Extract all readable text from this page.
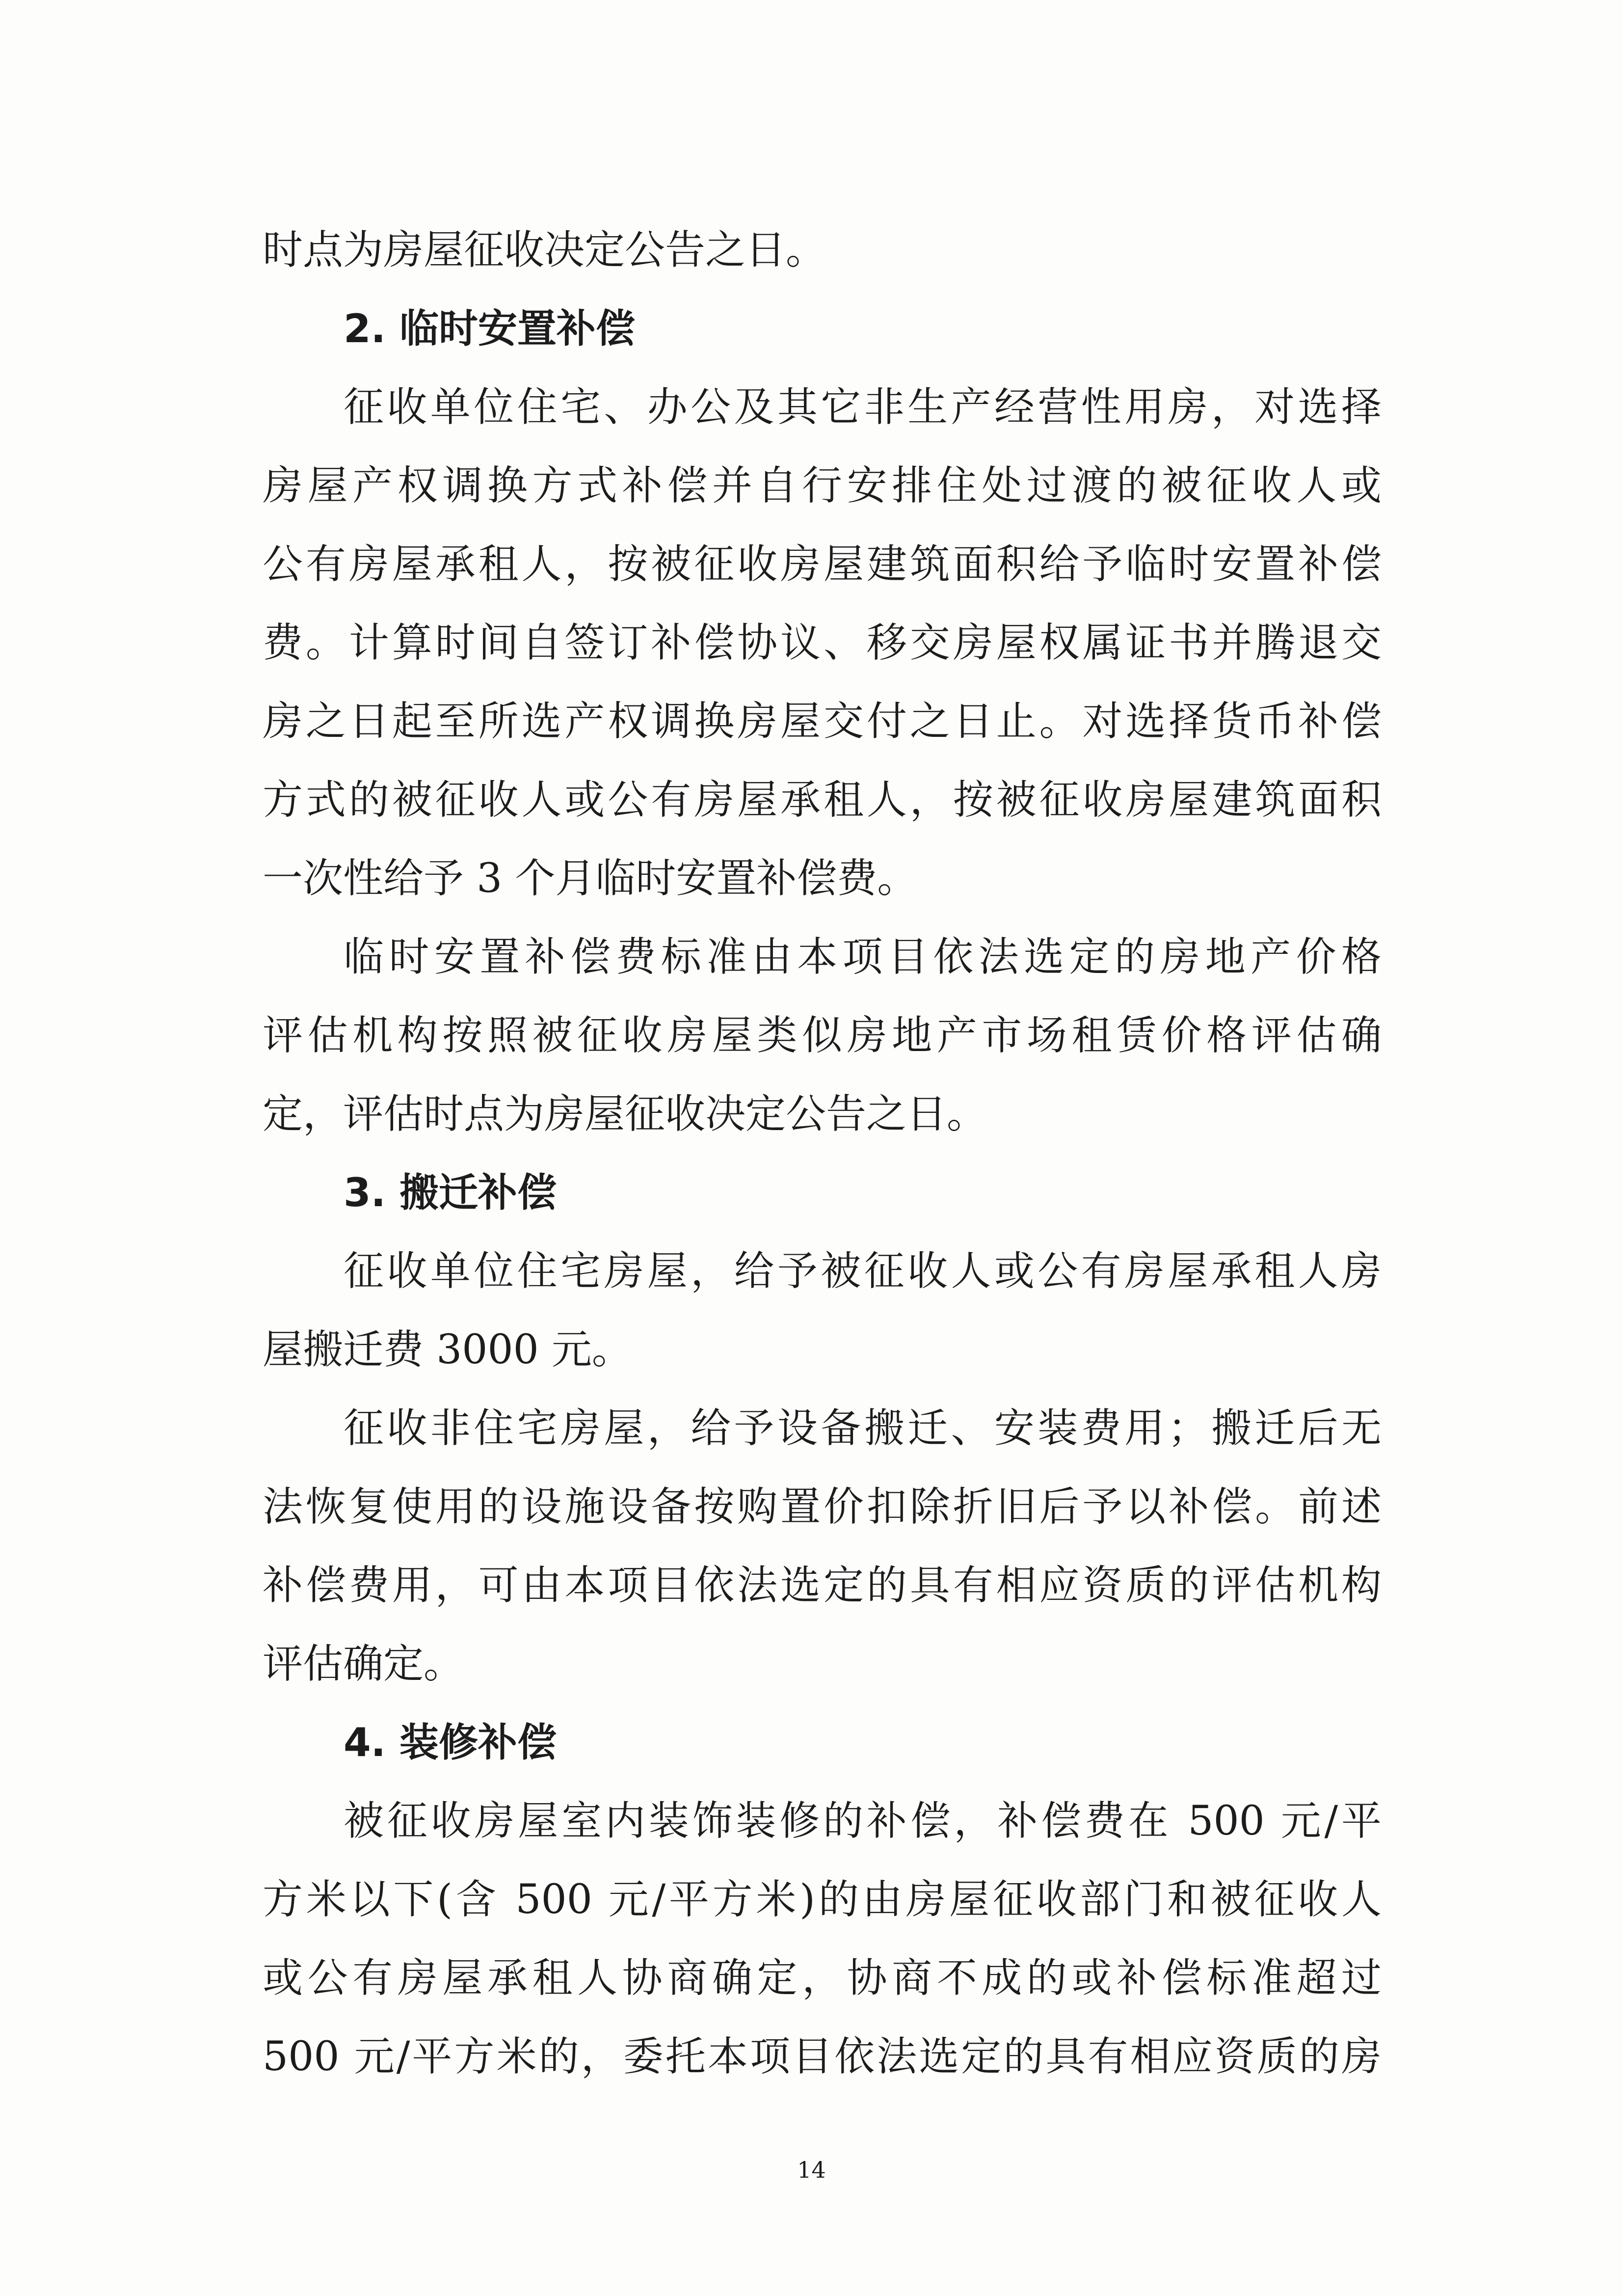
时点为房屋征收决定公告之日。
2. 临时安置补偿
征收单位住宅、办公及其它非生产经营性用房，对选择
房屋产权调换方式补偿并自行安排住处过渡的被征收人或
公有房屋承租人，按被征收房屋建筑面积给予临时安置补偿
费。计算时间自签订补偿协议、移交房屋权属证书并腾退交
房之日起至所选产权调换房屋交付之日止。对选择货币补偿
方式的被征收人或公有房屋承租人，按被征收房屋建筑面积
一次性给予 3 个月临时安置补偿费。
临时安置补偿费标准由本项目依法选定的房地产价格
评估机构按照被征收房屋类似房地产市场租赁价格评估确
定，评估时点为房屋征收决定公告之日。
3. 搬迁补偿
征收单位住宅房屋，给予被征收人或公有房屋承租人房
屋搬迁费 3000 元。
征收非住宅房屋，给予设备搬迁、安装费用；搬迁后无
法恢复使用的设施设备按购置价扣除折旧后予以补偿。前述
补偿费用，可由本项目依法选定的具有相应资质的评估机构
评估确定。
4. 装修补偿
被征收房屋室内装饰装修的补偿，补偿费在 500 元/平
方米以下(含 500 元/平方米)的由房屋征收部门和被征收人
或公有房屋承租人协商确定，协商不成的或补偿标准超过
500 元/平方米的，委托本项目依法选定的具有相应资质的房
14
